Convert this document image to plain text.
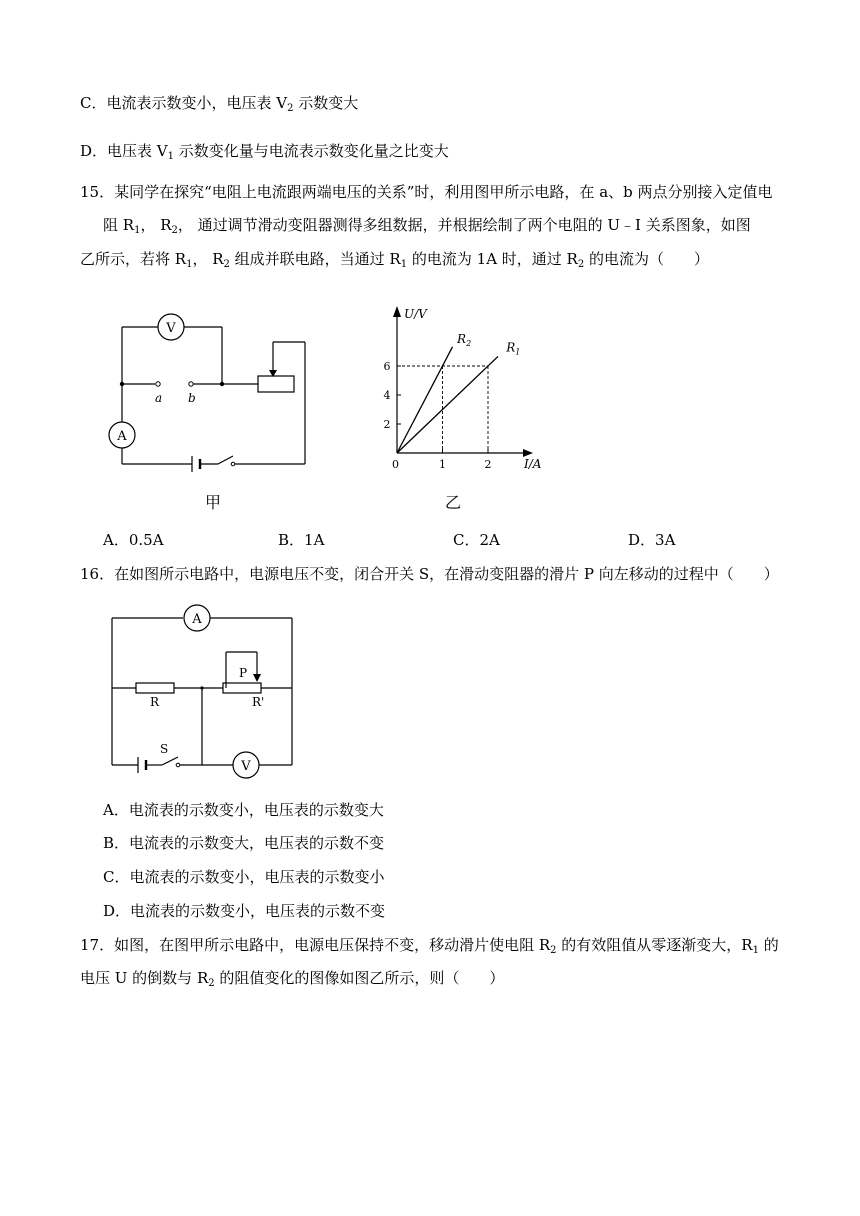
C．电流表示数变小，电压表 $V_2$ 示数变大
D．电压表 $V_1$ 示数变化量与电流表示数变化量之比变大
15．某同学在探究“电阻上电流跟两端电压的关系”时，利用图甲所示电路，在 a、b 两点分别接入定值电
阻 $R_1$， $R_2$， 通过调节滑动变阻器测得多组数据，并根据绘制了两个电阻的 U﹣I 关系图象，如图
乙所示，若将 $R_1$， $R_2$ 组成并联电路，当通过 $R_1$ 的电流为 1A 时，通过 $R_2$ 的电流为（　　）
V
A
a b
甲
U/V
I/A
0
2
4
6
1	2
$R_2$	$R_1$
乙
A．0.5A	B．1A	C．2A	D．3A
16．在如图所示电路中，电源电压不变，闭合开关 S，在滑动变阻器的滑片 P 向左移动的过程中（　　）
A
V
R	R'
P
S
A．电流表的示数变小，电压表的示数变大
B．电流表的示数变大，电压表的示数不变
C．电流表的示数变小，电压表的示数变小
D．电流表的示数变小，电压表的示数不变
17．如图，在图甲所示电路中，电源电压保持不变，移动滑片使电阻 $R_2$ 的有效阻值从零逐渐变大，$R_1$ 的
电压 U 的倒数与 $R_2$ 的阻值变化的图像如图乙所示，则（　　）
